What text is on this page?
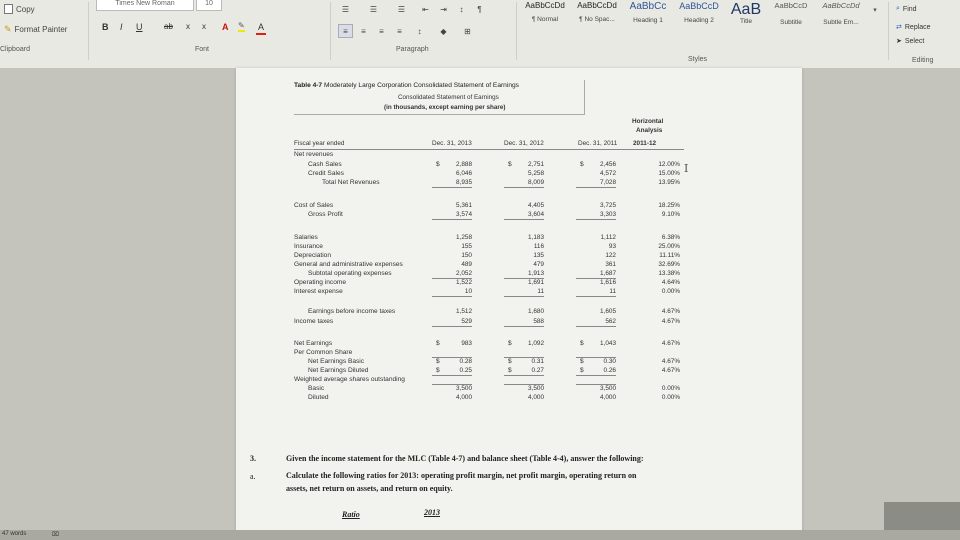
Copy
✎ Format Painter
Clipboard
Times New Roman	10
B I U	ab x x A ✎ A
Font
☰	☰	☰ ⇤ ⇥ ↕ ¶
≡ ≡ ≡ ≡ ↕ ◆ ⊞
Paragraph
AaBbCcDd
¶ Normal
AaBbCcDd
¶ No Spac...
AaBbCc
Heading 1
AaBbCcD
Heading 2
AaB
Title
AaBbCcD
Subtitle
AaBbCcDd
Subtle Em...
▾
Styles
⌕ Find
⇄ Replace
➤ Select
Editing
Table 4-7 Moderately Large Corporation Consolidated Statement of Earnings
Consolidated Statement of Earnings
(in thousands, except earning per share)
Horizontal
Analysis
Fiscal year ended	Dec. 31, 2013	Dec. 31, 2012	Dec. 31, 2011 2011-12
I
3.	Given the income statement for the MLC (Table 4-7) and balance sheet (Table 4-4), answer the following:
a.	Calculate the following ratios for 2013: operating profit margin, net profit margin, operating return on
assets, net return on assets, and return on equity.
Ratio	2013
Net revenues
Cash Sales	$	$	$
2,888	2,751	2,456	12.00%
Credit Sales	6,046	5,258	4,572	15.00%
Total Net Revenues	8,935	8,009	7,028	13.95%
Cost of Sales	5,361	4,405	3,725	18.25%
Gross Profit	3,574	3,604	3,303	9.10%
Salaries	1,258	1,183	1,112	6.38%
Insurance	155	116	93	25.00%
Depreciation	150	135	122	11.11%
General and administrative expenses	489	479	361	32.69%
Subtotal operating expenses	2,052	1,913	1,687	13.38%
Operating income	1,522	1,691	1,616	4.64%
Interest expense	10	11	11	0.00%
Earnings before income taxes	1,512	1,680	1,605	4.67%
Income taxes	529	588	562	4.67%
Net Earnings	$	$	$
983	1,092	1,043	4.67%
Per Common Share
Net Earnings Basic	$	$	$
0.28	0.31	0.30	4.67%
Net Earnings Diluted	$	$	$
0.25	0.27	0.26	4.67%
Weighted average shares outstanding
Basic	3,500	3,500	3,500	0.00%
Diluted	4,000	4,000	4,000	0.00%
47 words	⌧
